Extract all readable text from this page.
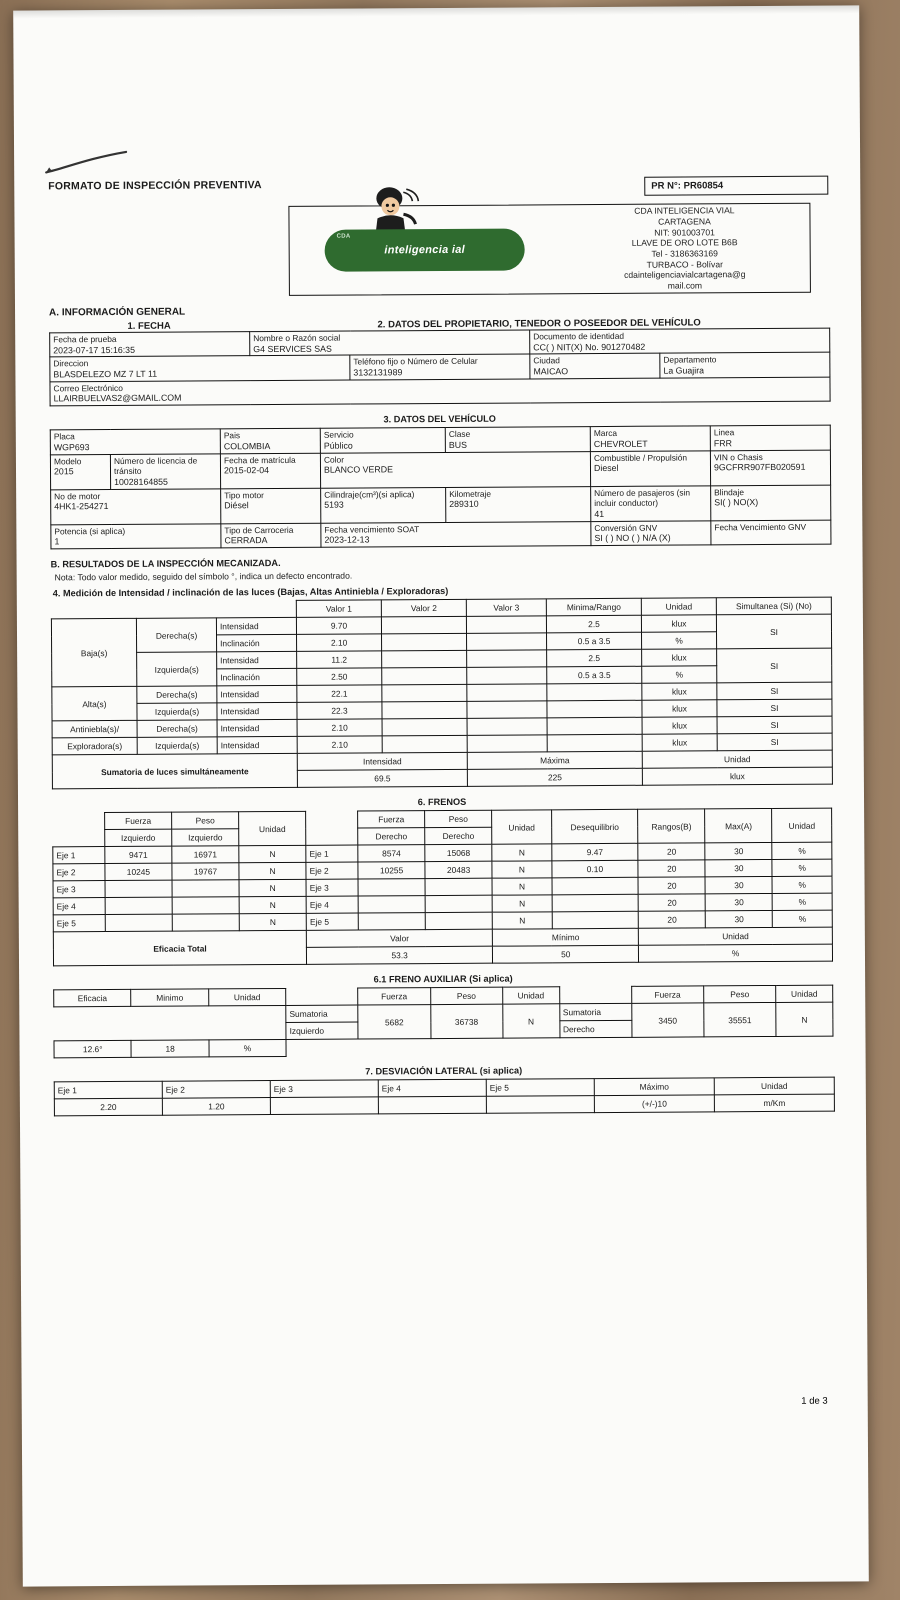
FORMATO DE INSPECCIÓN PREVENTIVA	PR N°: PR60854
CDA
inteligencia ial
CDA INTELIGENCIA VIAL
CARTAGENA
NIT: 901003701
LLAVE DE ORO LOTE B6B
Tel - 3186363169
TURBACO - Bolívar
cdainteligenciavialcartagena@g
mail.com
A. INFORMACIÓN GENERAL
1. FECHA	2. DATOS DEL PROPIETARIO, TENEDOR O POSEEDOR DEL VEHÍCULO
Fecha de prueba
2023-07-17 15:16:35

Nombre o Razón social
G4 SERVICES SAS

Documento de identidad
CC( ) NIT(X) No. 901270482

Direccion
BLASDELEZO MZ 7 LT 11

Teléfono fijo o Número de Celular
3132131989

Ciudad
MAICAO

Departamento
La Guajira

Correo Electrónico
LLAIRBUELVAS2@GMAIL.COM				
3. DATOS DEL VEHÍCULO
Placa
WGP693

Pais
COLOMBIA

Servicio
Público

Clase
BUS

Marca
CHEVROLET

Linea
FRR

Modelo
2015

Número de licencia de tránsito
10028164855

Fecha de matrícula
2015-02-04

Color
BLANCO VERDE

Combustible / Propulsión
Diesel

VIN o Chasis
9GCFRR907FB020591

No de motor
4HK1-254271

Tipo motor
Diésel

Cilindraje(cm³)(si aplica)
5193

Kilometraje
289310

Número de pasajeros (sin incluir conductor)
41

Blindaje
SI( ) NO(X)

Potencia (si aplica)
1

Tipo de Carroceria
CERRADA

Fecha vencimiento SOAT
2023-12-13

Conversión GNV
SI ( ) NO ( ) N/A (X)

Fecha Vencimiento GNV
B. RESULTADOS DE LA INSPECCIÓN MECANIZADA.
Nota: Todo valor medido, seguido del símbolo °, indica un defecto encontrado.
4. Medición de Intensidad / inclinación de las luces (Bajas, Altas Antiniebla / Exploradoras)
			Valor 1	Valor 2	Valor 3	Minima/Rango	Unidad	Simultanea (Si) (No)
Baja(s)	Derecha(s)	Intensidad	9.70			2.5	klux	SI
		Inclinación	2.10			0.5 a 3.5	%	
	Izquierda(s)	Intensidad	11.2			2.5	klux	SI
		Inclinación	2.50			0.5 a 3.5	%	
Alta(s)	Derecha(s)	Intensidad	22.1				klux	SI
	Izquierda(s)	Intensidad	22.3				klux	SI
Antiniebla(s)/	Derecha(s)	Intensidad	2.10				klux	SI
Exploradora(s)	Izquierda(s)	Intensidad	2.10				klux	SI
Sumatoria de luces simultáneamente			Intensidad		Máxima		Unidad	
			69.5		225		klux	
6. FRENOS
	Fuerza	Peso	Unidad		Fuerza	Peso	Unidad	Desequilibrio	Rangos(B)	Max(A)	Unidad
	Izquierdo	Izquierdo			Derecho	Derecho					
Eje 1	9471	16971	N	Eje 1	8574	15068	N	9.47	20	30	%
Eje 2	10245	19767	N	Eje 2	10255	20483	N	0.10	20	30	%
Eje 3			N	Eje 3			N		20	30	%
Eje 4			N	Eje 4			N		20	30	%
Eje 5			N	Eje 5			N		20	30	%
Eficacia Total				Valor			Mínimo		Unidad		
				53.3			50		%		
6.1 FRENO AUXILIAR (Si aplica)
Eficacia	Minimo	Unidad		Fuerza	Peso	Unidad		Fuerza	Peso	Unidad
			Sumatoria	5682	36738	N	Sumatoria	3450	35551	N
			Izquierdo				Derecho			
12.6°	18	%								
7. DESVIACIÓN LATERAL (si aplica)
Eje 1	Eje 2	Eje 3	Eje 4	Eje 5	Máximo	Unidad
2.20	1.20				(+/-)10	m/Km
1 de 3
